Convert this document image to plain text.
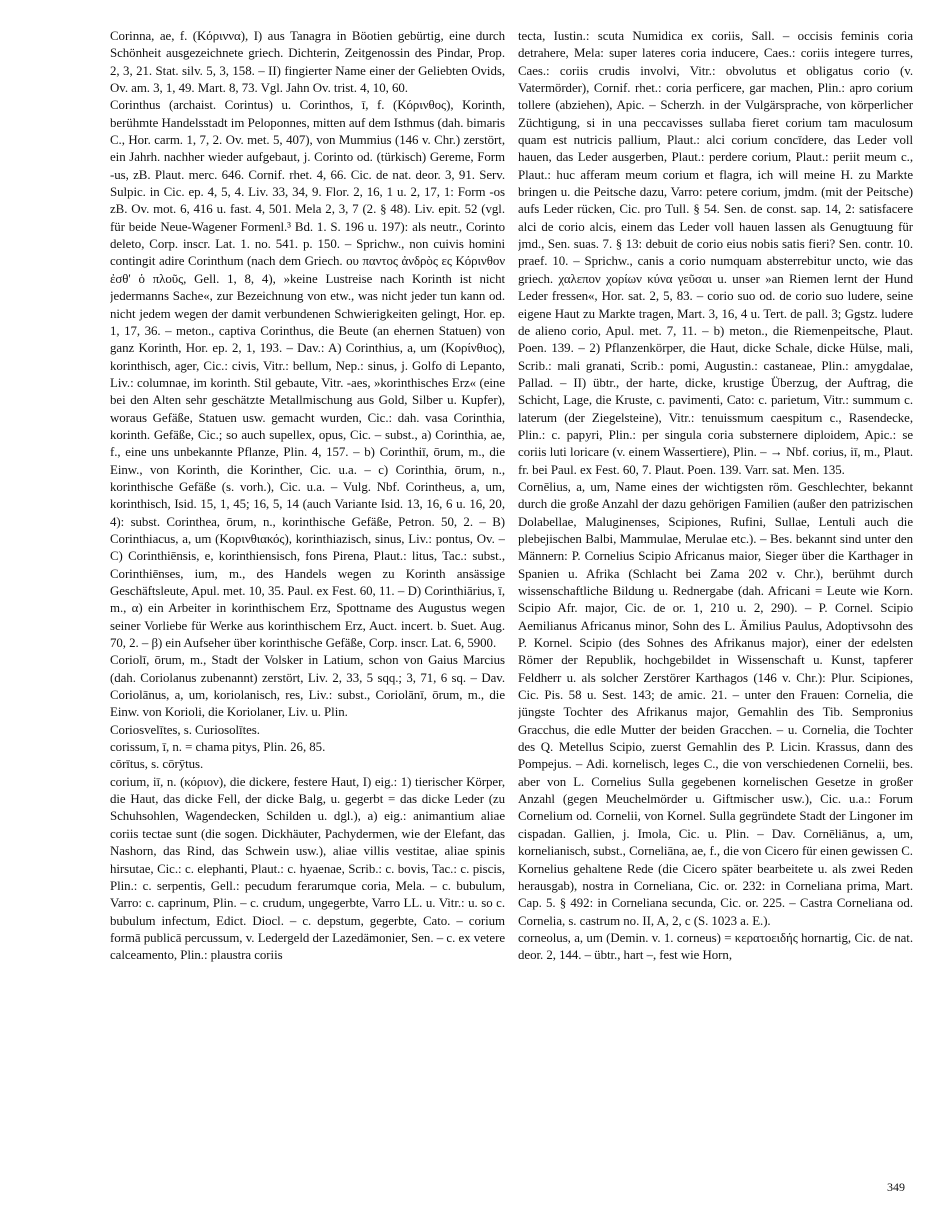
Corinna, ae, f. (Κόριννα), I) aus Tanagra in Böotien gebürtig, eine durch Schönheit ausgezeichnete griech. Dichterin, Zeitgenossin des Pindar, Prop. 2, 3, 21. Stat. silv. 5, 3, 158. – II) fingierter Name einer der Geliebten Ovids, Ov. am. 3, 1, 49. Mart. 8, 73. Vgl. Jahn Ov. trist. 4, 10, 60.

Corinthus (archaist. Corintus) u. Corinthos, ī, f. (Κόρινθος), Korinth, berühmte Handelsstadt im Peloponnes, mitten auf dem Isthmus (dah. bimaris C., Hor. carm. 1, 7, 2. Ov. met. 5, 407), von Mummius (146 v. Chr.) zerstört, ein Jahrh. nachher wieder aufgebaut, j. Corinto od. (türkisch) Gereme, Form -us, zB. Plaut. merc. 646. Cornif. rhet. 4, 66. Cic. de nat. deor. 3, 91. Serv. Sulpic. in Cic. ep. 4, 5, 4. Liv. 33, 34, 9. Flor. 2, 16, 1 u. 2, 17, 1: Form -os zB. Ov. mot. 6, 416 u. fast. 4, 501. Mela 2, 3, 7 (2. § 48). Liv. epit. 52 (vgl. für beide Neue-Wagener Formenl.³ Bd. 1. S. 196 u. 197): als neutr., Corinto deleto, Corp. inscr. Lat. 1. no. 541. p. 150. – Sprichw., non cuivis homini contingit adire Corinthum (nach dem Griech. ου παντος ἀνδρὸς ες Κόρινθον ἐσθ' ὁ πλοῦς, Gell. 1, 8, 4), »keine Lustreise nach Korinth ist nicht jedermanns Sache«, zur Bezeichnung von etw., was nicht jeder tun kann od. nicht jedem wegen der damit verbundenen Schwierigkeiten gelingt, Hor. ep. 1, 17, 36. – meton., captiva Corinthus, die Beute (an ehernen Statuen) von ganz Korinth, Hor. ep. 2, 1, 193. – Dav.: A) Corinthius, a, um (Κορίνθιος), korinthisch, ager, Cic.: civis, Vitr.: bellum, Nep.: sinus, j. Golfo di Lepanto, Liv.: columnae, im korinth. Stil gebaute, Vitr. -aes, »korinthisches Erz« (eine bei den Alten sehr geschätzte Metallmischung aus Gold, Silber u. Kupfer), woraus Gefäße, Statuen usw. gemacht wurden, Cic.: dah. vasa Corinthia, korinth. Gefäße, Cic.; so auch supellex, opus, Cic. – subst., a) Corinthia, ae, f., eine uns unbekannte Pflanze, Plin. 4, 157. – b) Corinthiī, ōrum, m., die Einw., von Korinth, die Korinther, Cic. u.a. – c) Corinthia, ōrum, n., korinthische Gefäße (s. vorh.), Cic. u.a. – Vulg. Nbf. Corintheus, a, um, korinthisch, Isid. 15, 1, 45; 16, 5, 14 (auch Variante Isid. 13, 16, 6 u. 16, 20, 4): subst. Corinthea, ōrum, n., korinthische Gefäße, Petron. 50, 2. – B) Corinthiacus, a, um (Κορινθιακός), korinthiazisch, sinus, Liv.: pontus, Ov. – C) Corinthiēnsis, e, korinthiensisch, fons Pirena, Plaut.: litus, Tac.: subst., Corinthiēnses, ium, m., des Handels wegen zu Korinth ansässige Geschäftsleute, Apul. met. 10, 35. Paul. ex Fest. 60, 11. – D) Corinthiārius, ī, m., α) ein Arbeiter in korinthischem Erz, Spottname des Augustus wegen seiner Vorliebe für Werke aus korinthischem Erz, Auct. incert. b. Suet. Aug. 70, 2. – β) ein Aufseher über korinthische Gefäße, Corp. inscr. Lat. 6, 5900.

Coriolī, ōrum, m., Stadt der Volsker in Latium, schon von Gaius Marcius (dah. Coriolanus zubenannt) zerstört, Liv. 2, 33, 5 sqq.; 3, 71, 6 sq. – Dav. Coriolānus, a, um, koriolanisch, res, Liv.: subst., Coriolānī, ōrum, m., die Einw. von Korioli, die Koriolaner, Liv. u. Plin.

Coriosvelītes, s. Curiosolītes.

corissum, ī, n. = chama pitys, Plin. 26, 85.

cōrītus, s. cōrȳtus.

corium, iī, n. (κόριον), die dickere, festere Haut, I) eig.: 1) tierischer Körper, die Haut, das dicke Fell, der dicke Balg, u. gegerbt = das dicke Leder (zu Schuhsohlen, Wagendecken, Schilden u. dgl.), a) eig.: animantium aliae coriis tectae sunt (die sogen. Dickhäuter, Pachydermen, wie der Elefant, das Nashorn, das Rind, das Schwein usw.), aliae villis vestitae, aliae spinis hirsutae, Cic.: c. elephanti, Plaut.: c. hyaenae, Scrib.: c. bovis, Tac.: c. piscis, Plin.: c. serpentis, Gell.: pecudum ferarumque coria, Mela. – c. bubulum, Varro: c. caprinum, Plin. – c. crudum, ungegerbte, Varro LL. u. Vitr.: u. so c. bubulum infectum, Edict. Diocl. – c. depstum, gegerbte, Cato. – corium formā publicā percussum, v. Ledergeld der Lazedämonier, Sen. – c. ex vetere calceamento, Plin.: plaustra coriis

tecta, Iustin.: scuta Numidica ex coriis, Sall. – occisis feminis coria detrahere, Mela: super lateres coria inducere, Caes.: coriis integere turres, Caes.: coriis crudis involvi, Vitr.: obvolutus et obligatus corio (v. Vatermörder), Cornif. rhet.: coria perficere, gar machen, Plin.: apro corium tollere (abziehen), Apic. – Scherzh. in der Vulgärsprache, von körperlicher Züchtigung, si in una peccavisses sullaba fieret corium tam maculosum quam est nutricis pallium, Plaut.: alci corium concīdere, das Leder voll hauen, das Leder ausgerben, Plaut.: perdere corium, Plaut.: periit meum c., Plaut.: huc afferam meum corium et flagra, ich will meine H. zu Markte bringen u. die Peitsche dazu, Varro: petere corium, jmdm. (mit der Peitsche) aufs Leder rücken, Cic. pro Tull. § 54. Sen. de const. sap. 14, 2: satisfacere alci de corio alcis, einem das Leder voll hauen lassen als Genugtuung für jmd., Sen. suas. 7. § 13: debuit de corio eius nobis satis fieri? Sen. contr. 10. praef. 10. – Sprichw., canis a corio numquam absterrebitur uncto, wie das griech. χαλεπον χορίων κύνα γεῦσαι u. unser »an Riemen lernt der Hund Leder fressen«, Hor. sat. 2, 5, 83. – corio suo od. de corio suo ludere, seine eigene Haut zu Markte tragen, Mart. 3, 16, 4 u. Tert. de pall. 3; Ggstz. ludere de alieno corio, Apul. met. 7, 11. – b) meton., die Riemenpeitsche, Plaut. Poen. 139. – 2) Pflanzenkörper, die Haut, dicke Schale, dicke Hülse, mali, Scrib.: mali granati, Scrib.: pomi, Augustin.: castaneae, Plin.: amygdalae, Pallad. – II) übtr., der harte, dicke, krustige Überzug, der Auftrag, die Schicht, Lage, die Kruste, c. pavimenti, Cato: c. parietum, Vitr.: summum c. laterum (der Ziegelsteine), Vitr.: tenuissmum caespitum c., Rasendecke, Plin.: c. papyri, Plin.: per singula coria substernere diploidem, Apic.: se coriis luti loricare (v. einem Wassertiere), Plin. – → Nbf. corius, iī, m., Plaut. fr. bei Paul. ex Fest. 60, 7. Plaut. Poen. 139. Varr. sat. Men. 135.

Cornēlius, a, um, Name eines der wichtigsten röm. Geschlechter, bekannt durch die große Anzahl der dazu gehörigen Familien (außer den patrizischen Dolabellae, Maluginenses, Scipiones, Rufini, Sullae, Lentuli auch die plebejischen Balbi, Mammulae, Merulae etc.). – Bes. bekannt sind unter den Männern: P. Cornelius Scipio Africanus maior, Sieger über die Karthager in Spanien u. Afrika (Schlacht bei Zama 202 v. Chr.), berühmt durch wissenschaftliche Bildung u. Rednergabe (dah. Africani = Leute wie Korn. Scipio Afr. major, Cic. de or. 1, 210 u. 2, 290). – P. Cornel. Scipio Aemilianus Africanus minor, Sohn des L. Ämilius Paulus, Adoptivsohn des P. Kornel. Scipio (des Sohnes des Afrikanus major), einer der edelsten Römer der Republik, hochgebildet in Wissenschaft u. Kunst, tapferer Feldherr u. als solcher Zerstörer Karthagos (146 v. Chr.): Plur. Scipiones, Cic. Pis. 58 u. Sest. 143; de amic. 21. – unter den Frauen: Cornelia, die jüngste Tochter des Afrikanus major, Gemahlin des Tib. Sempronius Gracchus, die edle Mutter der beiden Gracchen. – u. Cornelia, die Tochter des Q. Metellus Scipio, zuerst Gemahlin des P. Licin. Krassus, dann des Pompejus. – Adi. kornelisch, leges C., die von verschiedenen Cornelii, bes. aber von L. Cornelius Sulla gegebenen kornelischen Gesetze in großer Anzahl (gegen Meuchelmörder u. Giftmischer usw.), Cic. u.a.: Forum Cornelium od. Cornelii, von Kornel. Sulla gegründete Stadt der Lingoner im cispadan. Gallien, j. Imola, Cic. u. Plin. – Dav. Cornēliānus, a, um, kornelianisch, subst., Corneliāna, ae, f., die von Cicero für einen gewissen C. Kornelius gehaltene Rede (die Cicero später bearbeitete u. als zwei Reden herausgab), nostra in Corneliana, Cic. or. 232: in Corneliana prima, Mart. Cap. 5. § 492: in Corneliana secunda, Cic. or. 225. – Castra Corneliana od. Cornelia, s. castrum no. II, A, 2, c (S. 1023 a. E.).

corneolus, a, um (Demin. v. 1. corneus) = κερατοειδής hornartig, Cic. de nat. deor. 2, 144. – übtr., hart –, fest wie Horn,

349
